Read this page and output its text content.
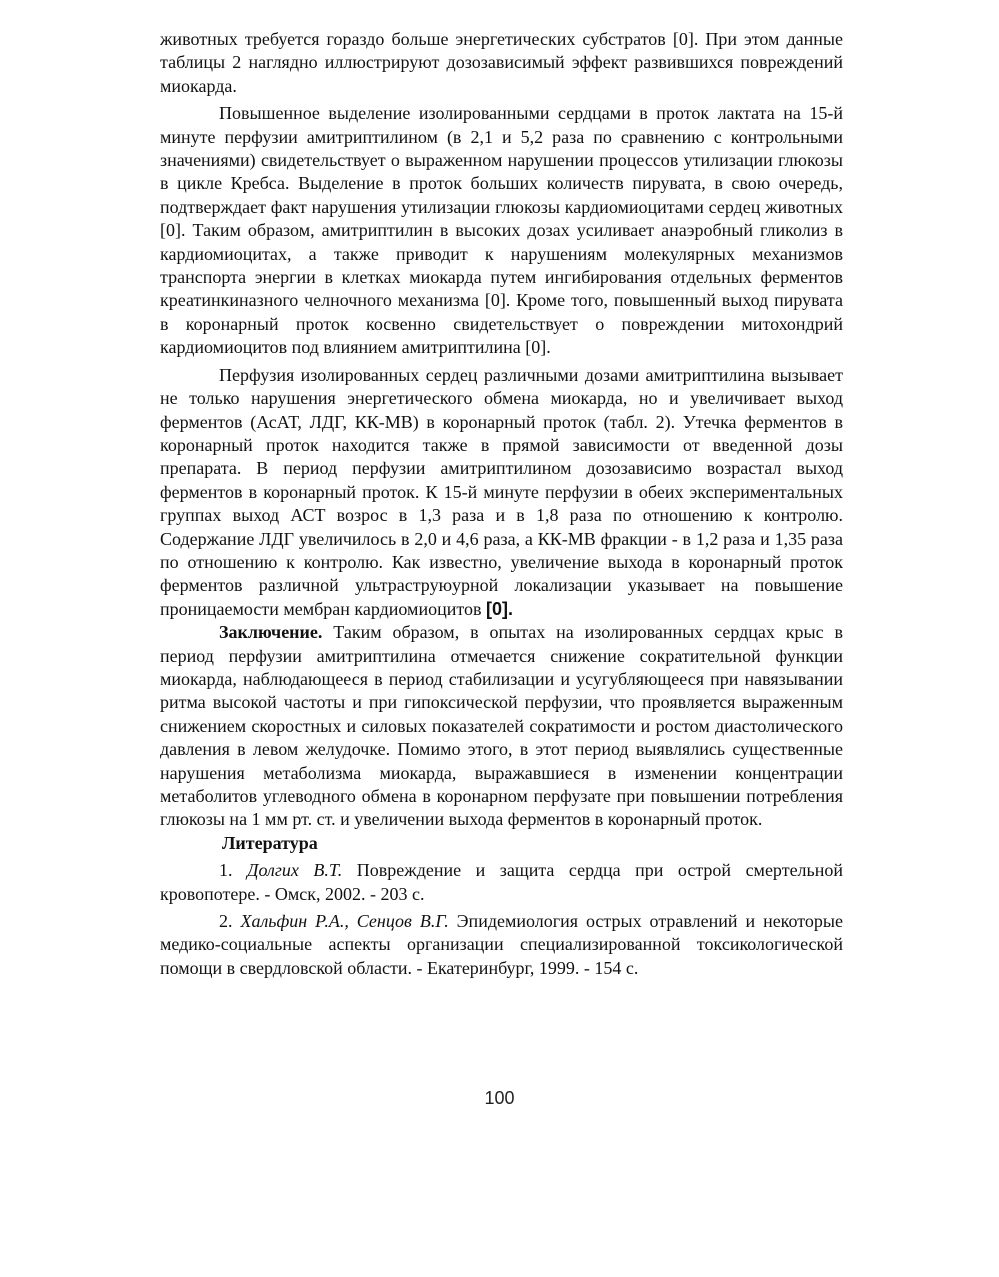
животных требуется гораздо больше энергетических субстратов [0]. При этом данные таблицы 2 наглядно иллюстрируют дозозависимый эффект развившихся повреждений миокарда.

Повышенное выделение изолированными сердцами в проток лактата на 15-й минуте перфузии амитриптилином (в 2,1 и 5,2 раза по сравнению с контрольными значениями) свидетельствует о выраженном нарушении процессов утилизации глюкозы в цикле Кребса. Выделение в проток больших количеств пирувата, в свою очередь, подтверждает факт нарушения утилизации глюкозы кардиомиоцитами сердец животных [0]. Таким образом, амитриптилин в высоких дозах усиливает анаэробный гликолиз в кардиомиоцитах, а также приводит к нарушениям молекулярных механизмов транспорта энергии в клетках миокарда путем ингибирования отдельных ферментов креатинкиназного челночного механизма [0]. Кроме того, повышенный выход пирувата в коронарный проток косвенно свидетельствует о повреждении митохондрий кардиомиоцитов под влиянием амитриптилина [0].

Перфузия изолированных сердец различными дозами амитриптилина вызывает не только нарушения энергетического обмена миокарда, но и увеличивает выход ферментов (АсАТ, ЛДГ, КК-МВ) в коронарный проток (табл. 2). Утечка ферментов в коронарный проток находится также в прямой зависимости от введенной дозы препарата. В период перфузии амитриптилином дозозависимо возрастал выход ферментов в коронарный проток. К 15-й минуте перфузии в обеих экспериментальных группах выход АСТ возрос в 1,3 раза и в 1,8 раза по отношению к контролю. Содержание ЛДГ увеличилось в 2,0 и 4,6 раза, а КК-МВ фракции - в 1,2 раза и 1,35 раза по отношению к контролю. Как известно, увеличение выхода в коронарный проток ферментов различной ультраструюурной локализации указывает на повышение проницаемости мембран кардиомиоцитов [0].

Заключение. Таким образом, в опытах на изолированных сердцах крыс в период перфузии амитриптилина отмечается снижение сократительной функции миокарда, наблюдающееся в период стабилизации и усугубляющееся при навязывании ритма высокой частоты и при гипоксической перфузии, что проявляется выраженным снижением скоростных и силовых показателей сократимости и ростом диастолического давления в левом желудочке. Помимо этого, в этот период выявлялись существенные нарушения метаболизма миокарда, выражавшиеся в изменении концентрации метаболитов углеводного обмена в коронарном перфузате при повышении потребления глюкозы на 1 мм рт. ст. и увеличении выхода ферментов в коронарный проток.

Литература

1. Долгих В.Т. Повреждение и защита сердца при острой смертельной кровопотере. - Омск, 2002. - 203 с.

2. Хальфин Р.А., Сенцов В.Г. Эпидемиология острых отравлений и некоторые медико-социальные аспекты организации специализированной токсикологической помощи в свердловской области. - Екатеринбург, 1999. - 154 с.

100
